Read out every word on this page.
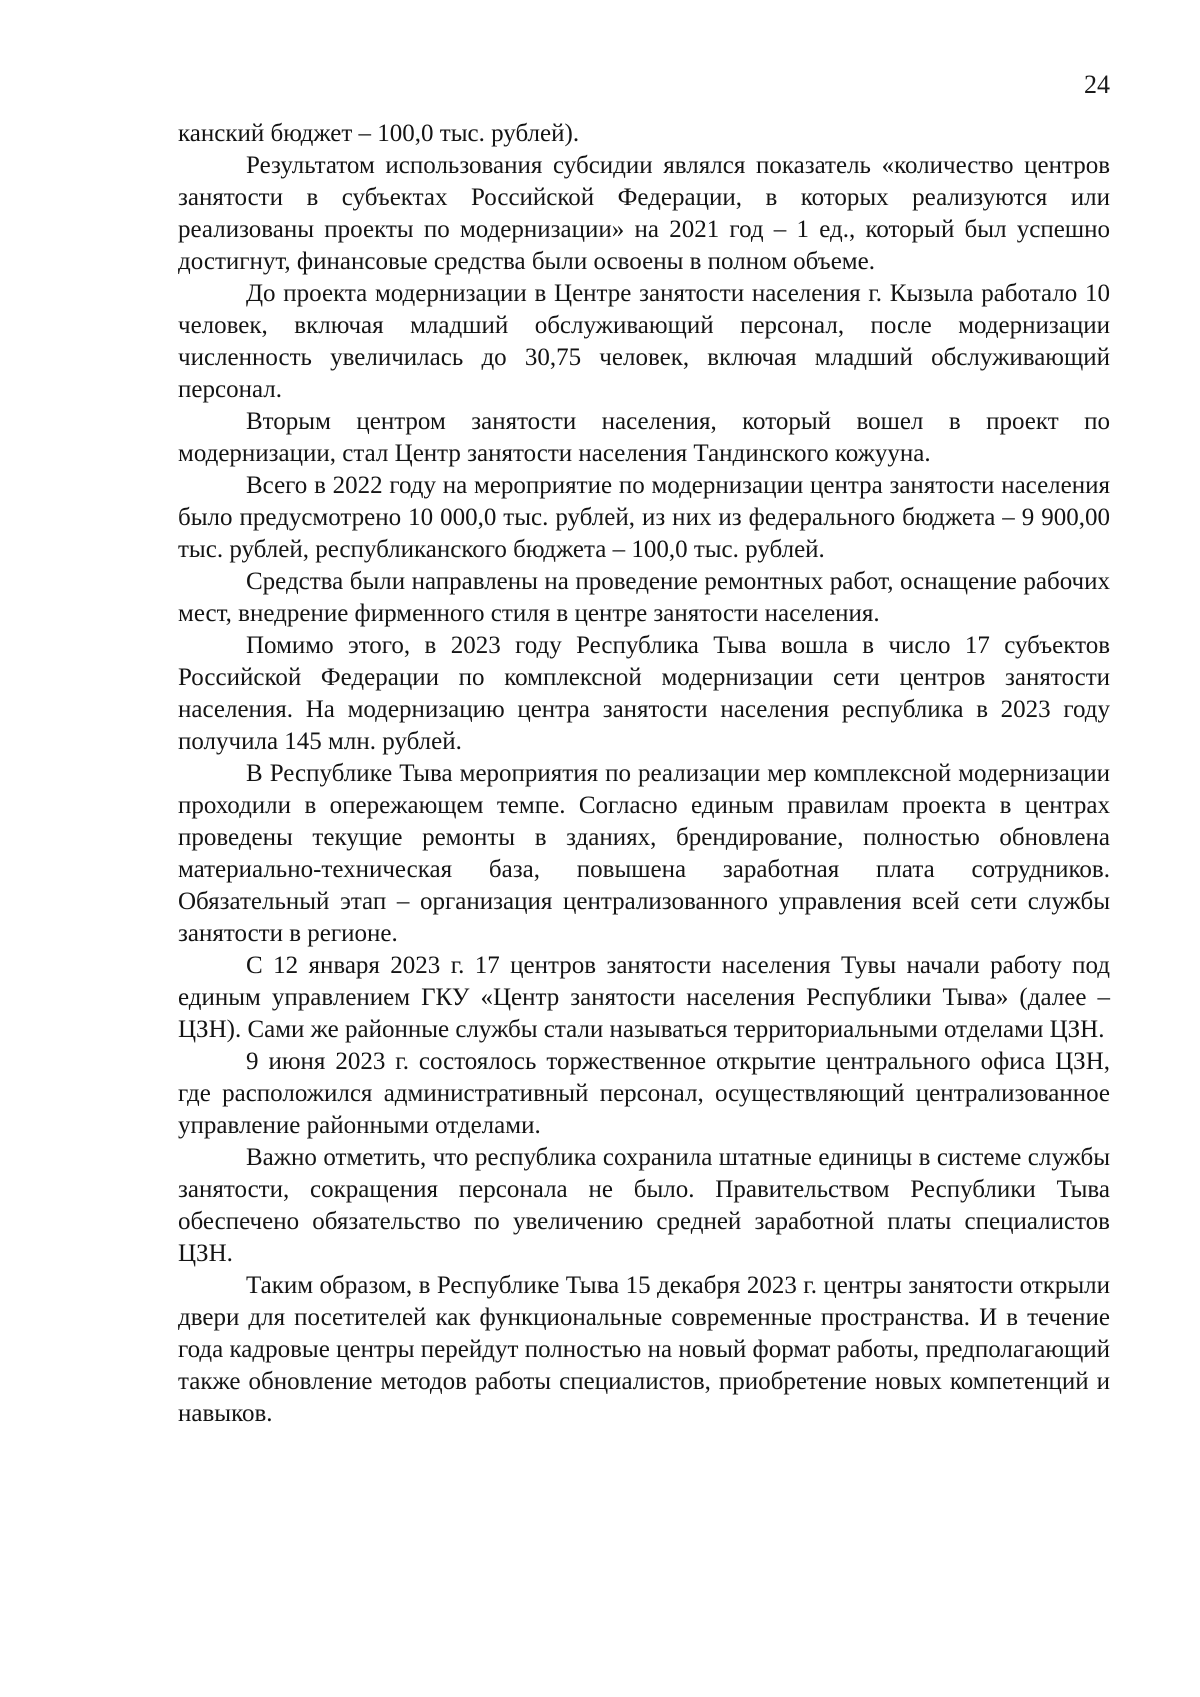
24

канский бюджет – 100,0 тыс. рублей).

Результатом использования субсидии являлся показатель «количество центров занятости в субъектах Российской Федерации, в которых реализуются или реализованы проекты по модернизации» на 2021 год – 1 ед., который был успешно достигнут, финансовые средства были освоены в полном объеме.

До проекта модернизации в Центре занятости населения г. Кызыла работало 10 человек, включая младший обслуживающий персонал, после модернизации численность увеличилась до 30,75 человек, включая младший обслуживающий персонал.

Вторым центром занятости населения, который вошел в проект по модернизации, стал Центр занятости населения Тандинского кожууна.

Всего в 2022 году на мероприятие по модернизации центра занятости населения было предусмотрено 10 000,0 тыс. рублей, из них из федерального бюджета – 9 900,00 тыс. рублей, республиканского бюджета – 100,0 тыс. рублей.

Средства были направлены на проведение ремонтных работ, оснащение рабочих мест, внедрение фирменного стиля в центре занятости населения.

Помимо этого, в 2023 году Республика Тыва вошла в число 17 субъектов Российской Федерации по комплексной модернизации сети центров занятости населения. На модернизацию центра занятости населения республика в 2023 году получила 145 млн. рублей.

В Республике Тыва мероприятия по реализации мер комплексной модернизации проходили в опережающем темпе. Согласно единым правилам проекта в центрах проведены текущие ремонты в зданиях, брендирование, полностью обновлена материально-техническая база, повышена заработная плата сотрудников. Обязательный этап – организация централизованного управления всей сети службы занятости в регионе.

С 12 января 2023 г. 17 центров занятости населения Тувы начали работу под единым управлением ГКУ «Центр занятости населения Республики Тыва» (далее – ЦЗН). Сами же районные службы стали называться территориальными отделами ЦЗН.

9 июня 2023 г. состоялось торжественное открытие центрального офиса ЦЗН, где расположился административный персонал, осуществляющий централизованное управление районными отделами.

Важно отметить, что республика сохранила штатные единицы в системе службы занятости, сокращения персонала не было. Правительством Республики Тыва обеспечено обязательство по увеличению средней заработной платы специалистов ЦЗН.

Таким образом, в Республике Тыва 15 декабря 2023 г. центры занятости открыли двери для посетителей как функциональные современные пространства. И в течение года кадровые центры перейдут полностью на новый формат работы, предполагающий также обновление методов работы специалистов, приобретение новых компетенций и навыков.
